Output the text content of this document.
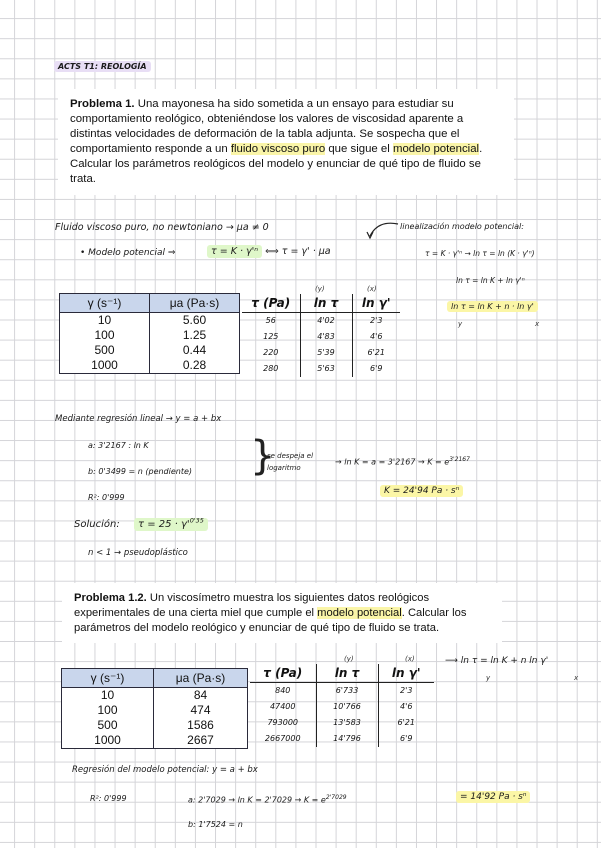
ACTS T1: REOLOGÍA
Problema 1. Una mayonesa ha sido sometida a un ensayo para estudiar su comportamiento reológico, obteniéndose los valores de viscosidad aparente a distintas velocidades de deformación de la tabla adjunta. Se sospecha que el comportamiento responde a un fluido viscoso puro que sigue el modelo potencial. Calcular los parámetros reológicos del modelo y enunciar de qué tipo de fluido se trata.
Fluido viscoso puro, no newtoniano → μa ≠ 0	linealización modelo potencial:
• Modelo potencial ⇒	τ = K · γ'ⁿ ⟺ τ = γ' · μa	τ = K · γ'ⁿ → ln τ = ln (K · γ'ⁿ)
ln τ = ln K + ln γ'ⁿ
ln τ = ln K + n · ln γ'
y	x
γ (s⁻¹)	μa (Pa·s)
10	5.60
100	1.25
500	0.44
1000	0.28
(y)	(x)
τ (Pa)	ln τ	ln γ'
56	4'02	2'3
125	4'83	4'6
220	5'39	6'21
280	5'63	6'9
Mediante regresión lineal → y = a + bx
a: 3'2167 : ln K
b: 0'3499 = n (pendiente) }
se despeja el logaritmo
→ $\ln K = a = 3'2167 \to K = e^{3'2167}$
R²: 0'999
K = 24'94 Pa · sⁿ
Solución:	$\tau = 25 \cdot \gamma'^{0'35}$
n < 1 → pseudoplástico
Problema 1.2. Un viscosímetro muestra los siguientes datos reológicos experimentales de una cierta miel que cumple el modelo potencial. Calcular los parámetros del modelo reológico y enunciar de qué tipo de fluido se trata.
γ (s⁻¹)	μa (Pa·s)
10	84
100	474
500	1586
1000	2667
(y)	(x)
τ (Pa)	ln τ	ln γ'
840	6'733	2'3
47400	10'766	4'6
793000	13'583	6'21
2667000	14'796	6'9
⟶ ln τ = ln K + n ln γ'
y	x
Regresión del modelo potencial: y = a + bx
R²: 0'999	a: $2'7029 \to \ln K = 2'7029 \to K = e^{2'7029}$	= 14'92 Pa · sⁿ
b: 1'7524 = n
